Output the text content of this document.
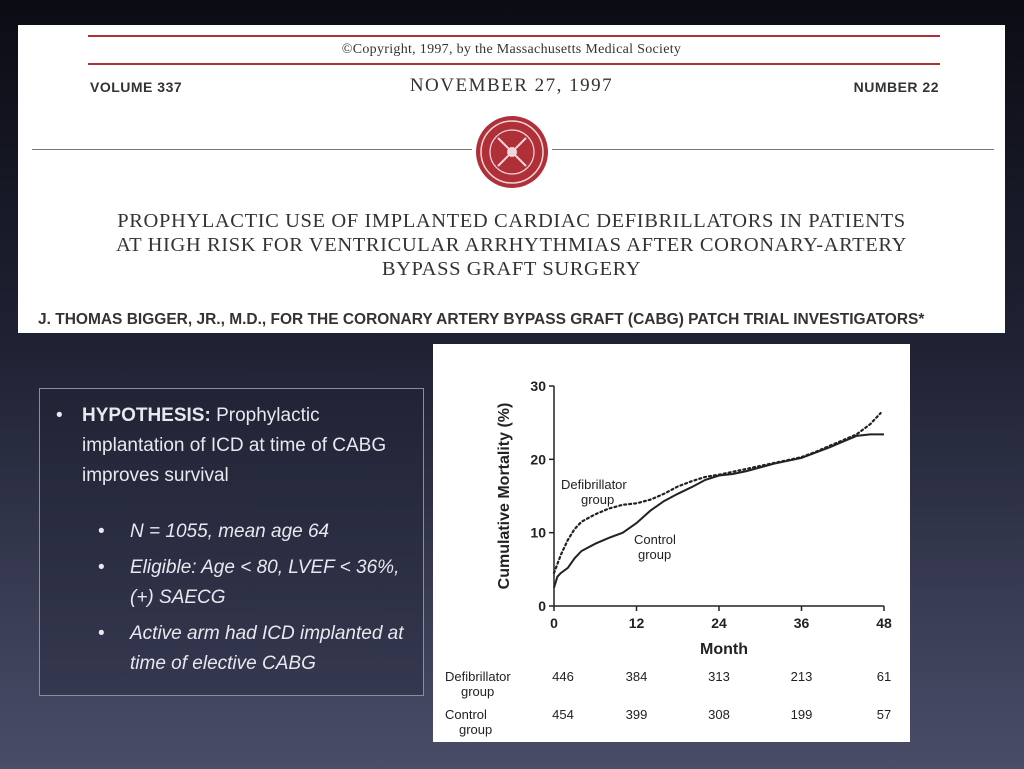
©Copyright, 1997, by the Massachusetts Medical Society
VOLUME 337	NOVEMBER 27, 1997	NUMBER 22
PROPHYLACTIC USE OF IMPLANTED CARDIAC DEFIBRILLATORS IN PATIENTS
AT HIGH RISK FOR VENTRICULAR ARRHYTHMIAS AFTER CORONARY-ARTERY
BYPASS GRAFT SURGERY
J. THOMAS BIGGER, JR., M.D., FOR THE CORONARY ARTERY BYPASS GRAFT (CABG) PATCH TRIAL INVESTIGATORS*
• HYPOTHESIS: Prophylactic implantation of ICD at time of CABG improves survival
• N = 1055, mean age 64
• Eligible: Age < 80, LVEF < 36%, (+) SAECG
• Active arm had ICD implanted at time of elective CABG
0
10
20
30
0	12	24	36	48
Month
Cumulative Mortality (%)	Defibrillator
group
Control
group
Defibrillator
group
446	384	313	213	61
Control
group
454	399	308	199	57
